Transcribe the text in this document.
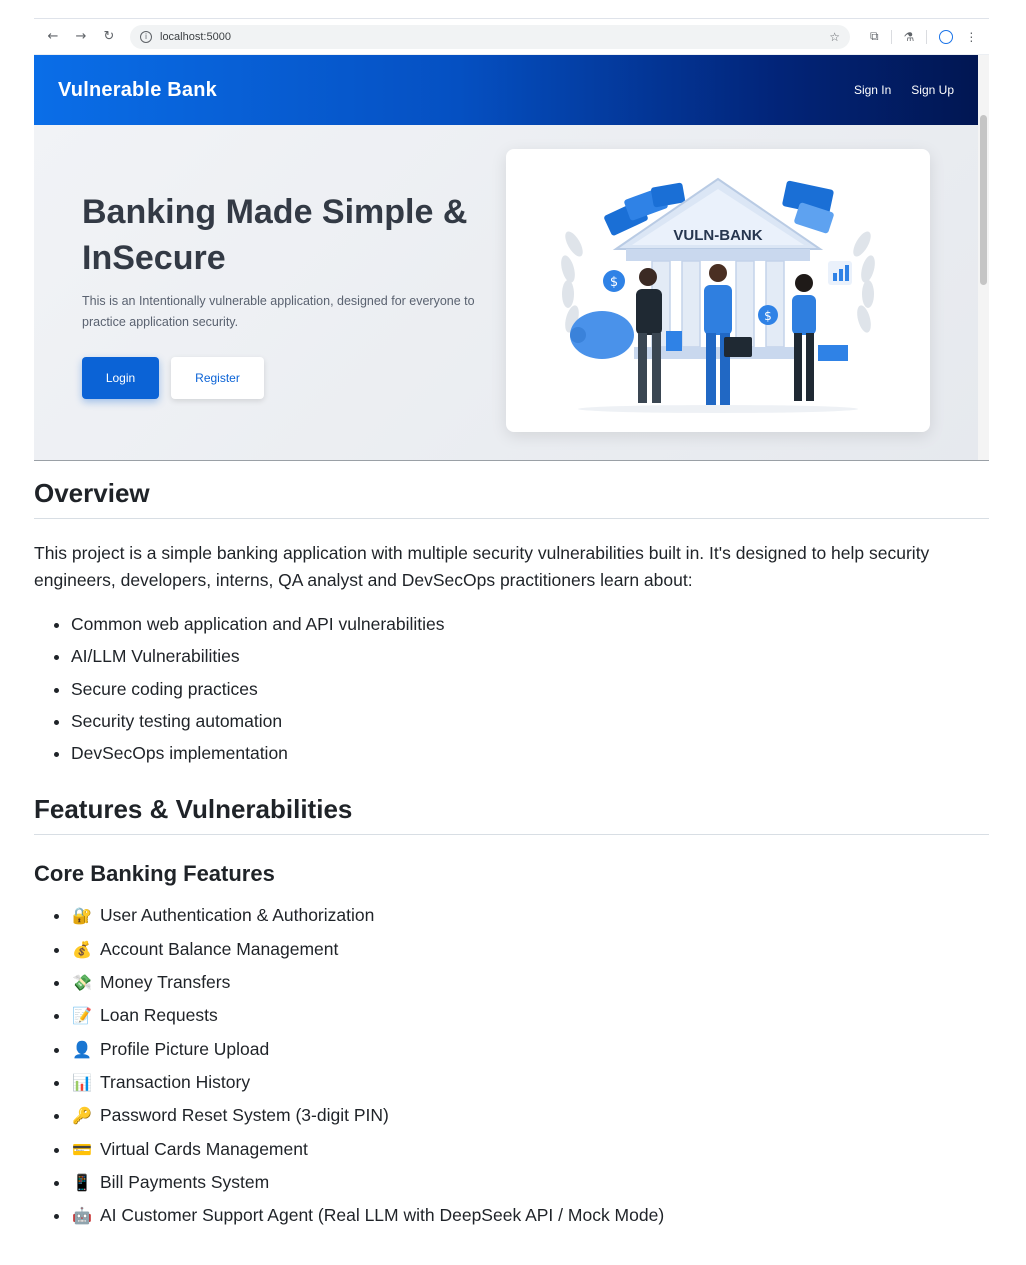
←	→	↻	i	localhost:5000	☆	⧉ ⚗	⋮
Vulnerable Bank	Sign In Sign Up
Banking Made Simple & InSecure

This is an Intentionally vulnerable application, designed for everyone to practice application security.

Login	Register
VULN-BANK
$
$
Overview

This project is a simple banking application with multiple security vulnerabilities built in. It's designed to help security engineers, developers, interns, QA analyst and DevSecOps practitioners learn about:

• Common web application and API vulnerabilities
• AI/LLM Vulnerabilities
• Secure coding practices
• Security testing automation
• DevSecOps implementation
Features & Vulnerabilities
Core Banking Features
• 🔐 User Authentication & Authorization
• 💰 Account Balance Management
• 💸 Money Transfers
• 📝 Loan Requests
• 👤 Profile Picture Upload
• 📊 Transaction History
• 🔑 Password Reset System (3-digit PIN)
• 💳 Virtual Cards Management
• 📱 Bill Payments System
• 🤖 AI Customer Support Agent (Real LLM with DeepSeek API / Mock Mode)
